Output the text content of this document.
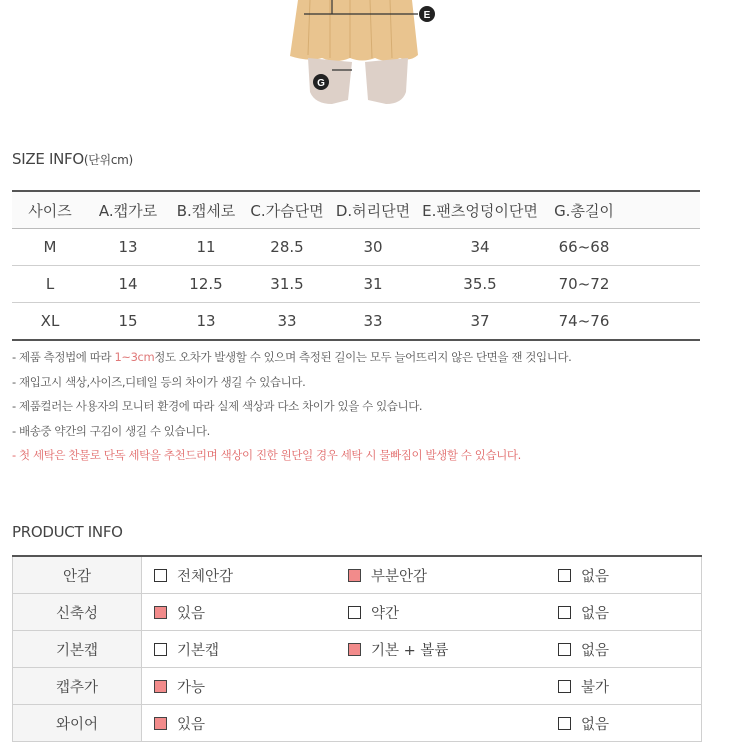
E
G
SIZE INFO(단위cm)
사이즈	A.캡가로	B.캡세로	C.가슴단면	D.허리단면	E.팬츠엉덩이단면	G.총길이	
M	13	11	28.5	30	34	66~68	
L	14	12.5	31.5	31	35.5	70~72	
XL	15	13	33	33	37	74~76	
- 제품 측정법에 따라 1~3cm정도 오차가 발생할 수 있으며 측정된 길이는 모두 늘어뜨리지 않은 단면을 잰 것입니다.
- 재입고시 색상,사이즈,디테일 등의 차이가 생길 수 있습니다.
- 제품컬러는 사용자의 모니터 환경에 따라 실제 색상과 다소 차이가 있을 수 있습니다.
- 배송중 약간의 구김이 생길 수 있습니다.
- 첫 세탁은 찬물로 단독 세탁을 추천드리며 색상이 진한 원단일 경우 세탁 시 물빠짐이 발생할 수 있습니다.
PRODUCT INFO
안감	전체안감	부분안감	없음

신축성	있음	약간	없음

기본캡	기본캡	기본 + 볼륨	없음

캡추가	가능		불가

와이어	있음		없음
